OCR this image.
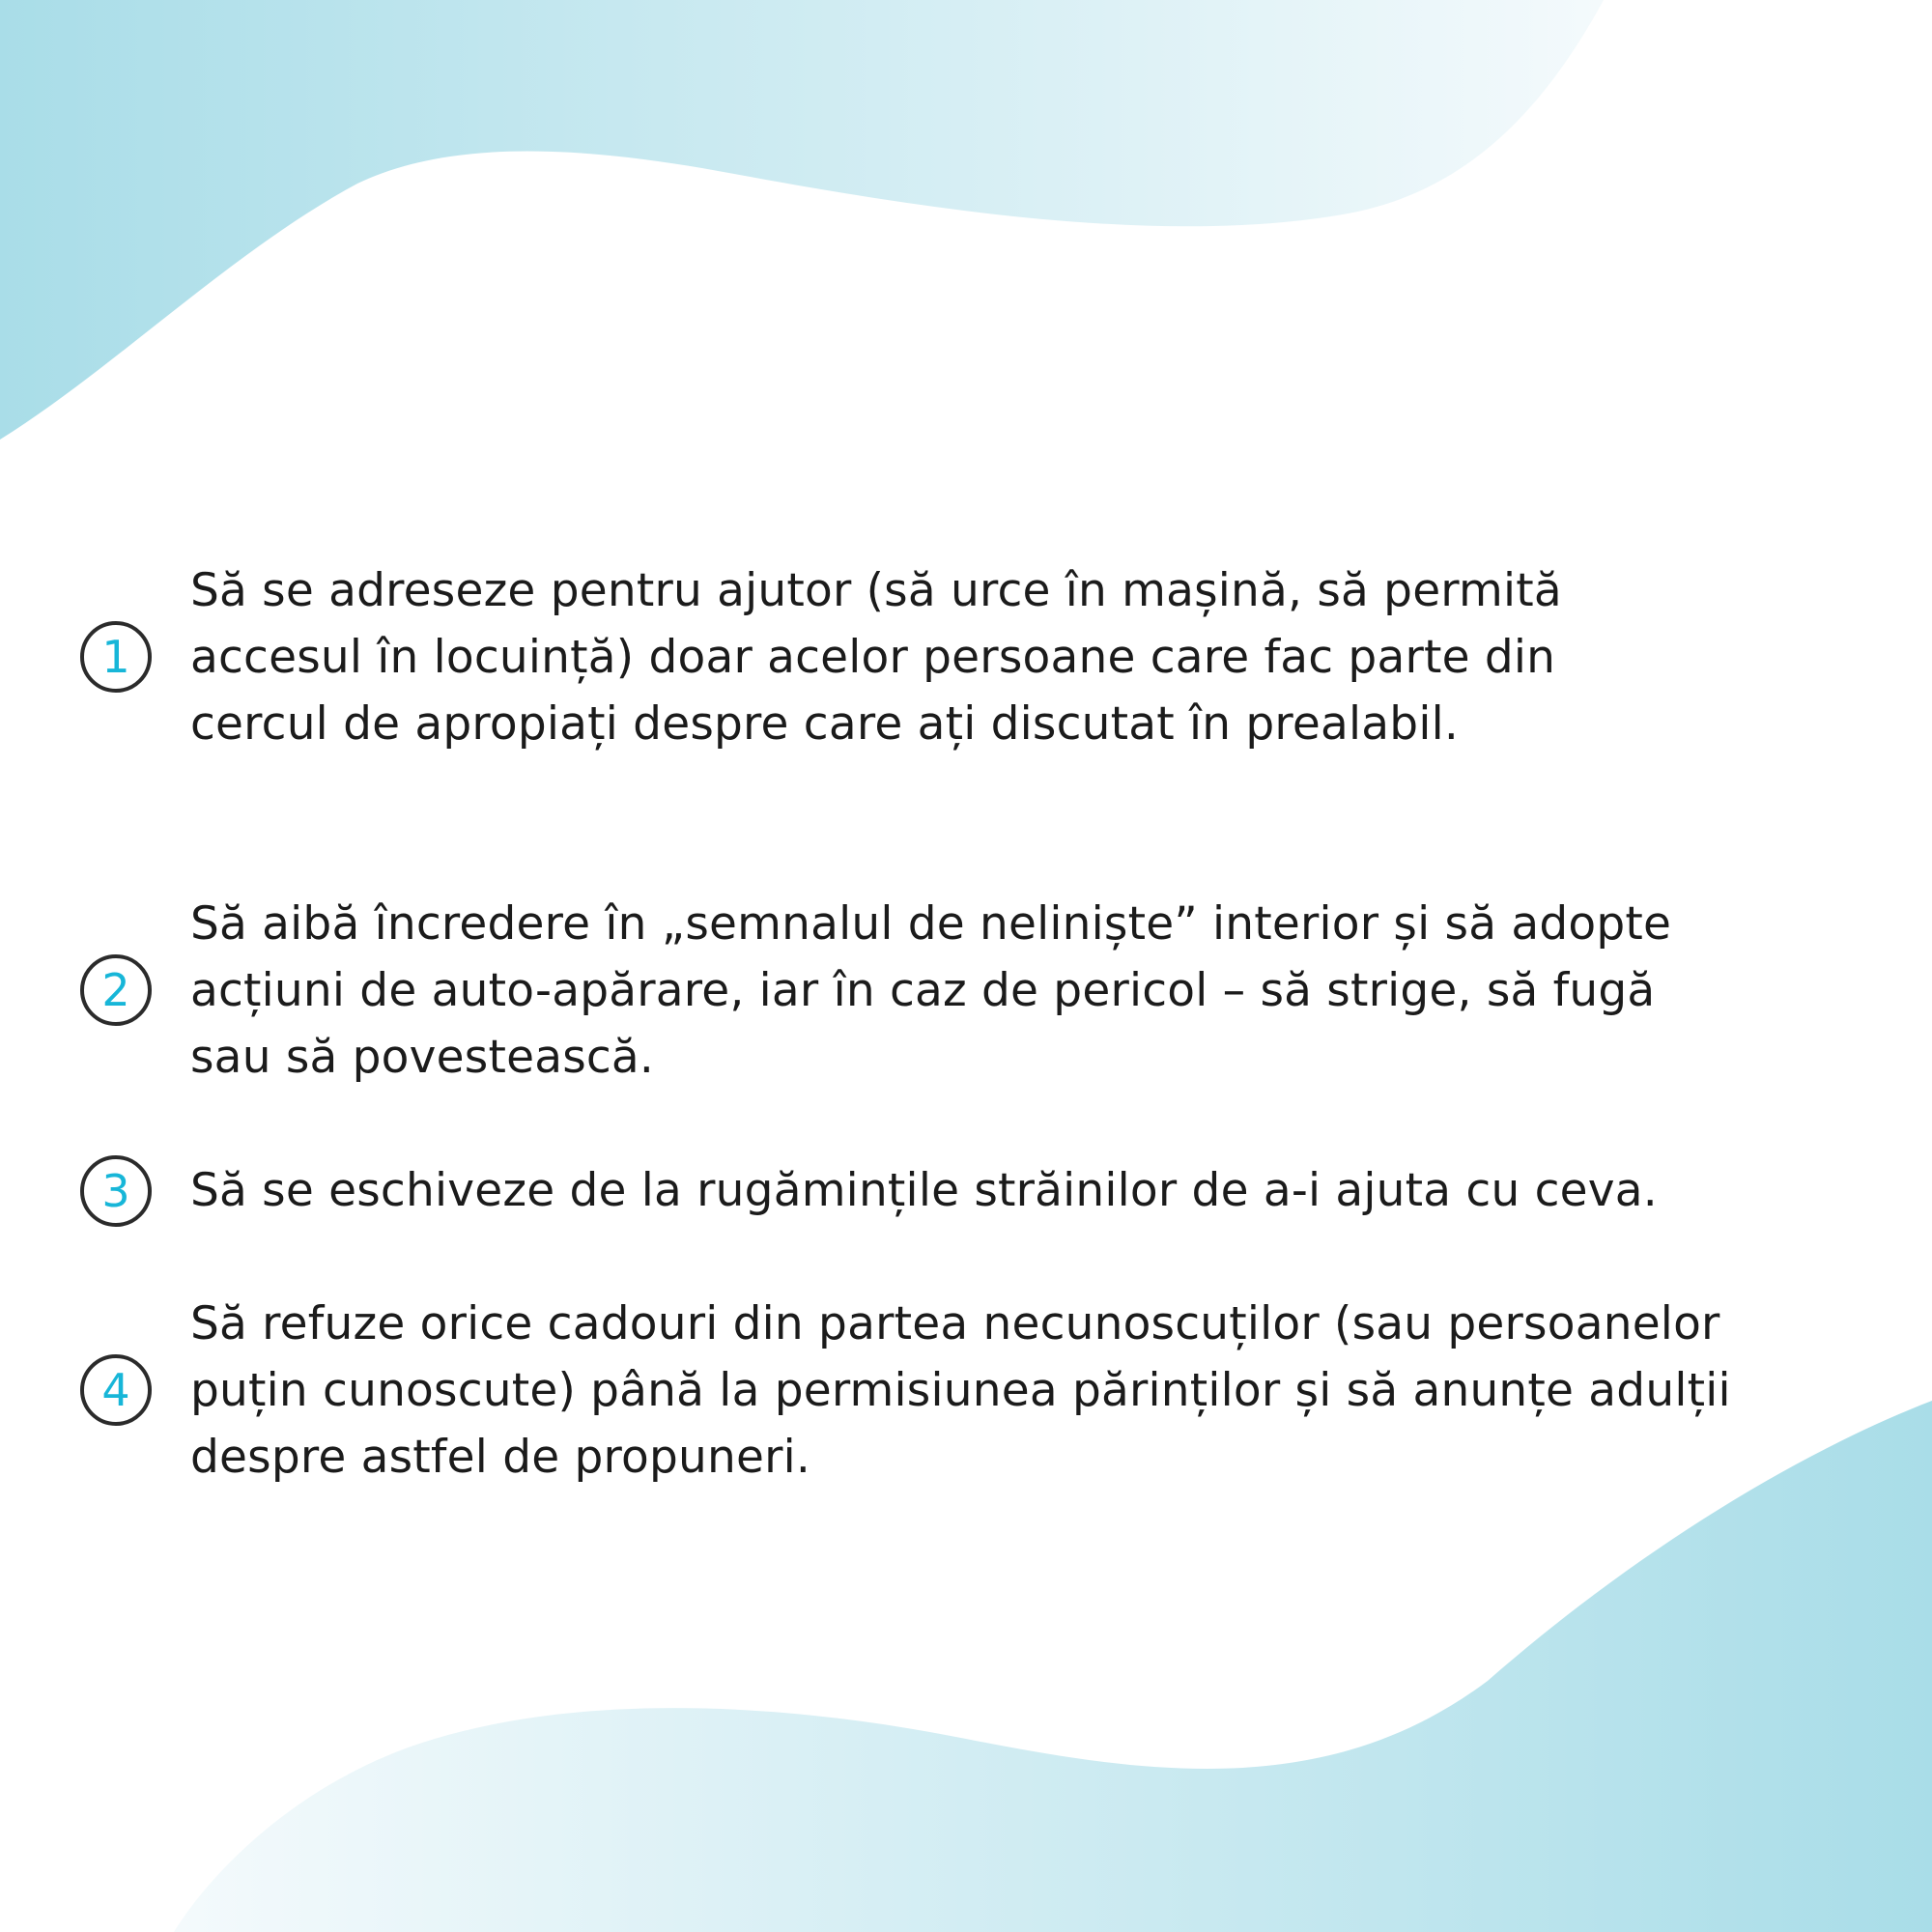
1

Să se adreseze pentru ajutor (să urce în mașină, să permită
accesul în locuință) doar acelor persoane care fac parte din
cercul de apropiați despre care ați discutat în prealabil.

2

Să aibă încredere în „semnalul de neliniște” interior și să adopte
acțiuni de auto-apărare, iar în caz de pericol – să strige, să fugă
sau să povestească.

3	Să se eschiveze de la rugămințile străinilor de a-i ajuta cu ceva.

4

Să refuze orice cadouri din partea necunoscuților (sau persoanelor
puțin cunoscute) până la permisiunea părinților și să anunțe adulții
despre astfel de propuneri.
